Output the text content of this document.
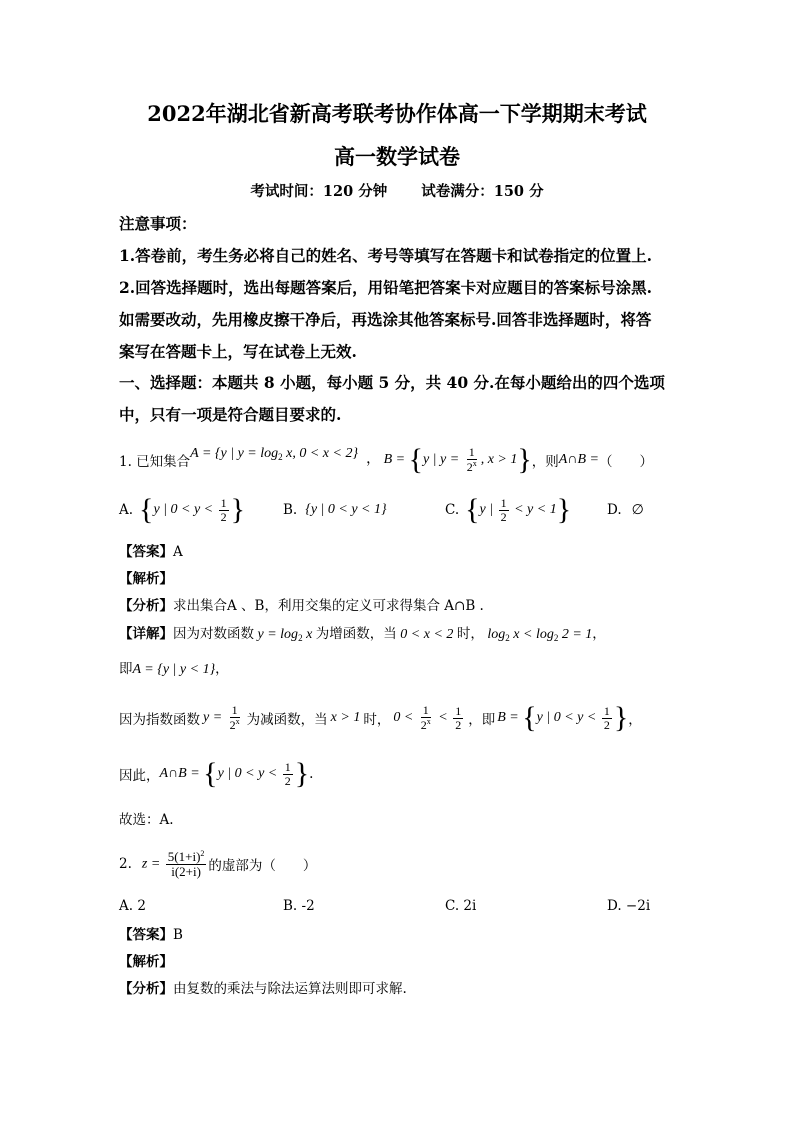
2022年湖北省新高考联考协作体高一下学期期末考试
高一数学试卷
考试时间：120 分钟 试卷满分：150 分
注意事项：
1.答卷前，考生务必将自己的姓名、考号等填写在答题卡和试卷指定的位置上.
2.回答选择题时，选出每题答案后，用铅笔把答案卡对应题目的答案标号涂黑.
如需要改动，先用橡皮擦干净后，再选涂其他答案标号.回答非选择题时，将答
案写在答题卡上，写在试卷上无效.
一、选择题：本题共 8 小题，每小题 5 分，共 40 分.在每小题给出的四个选项
中，只有一项是符合题目要求的.
1. 已知集合
A = {y | $y = \log_2 x$, 0 < x < 2} ， B = {y | $y = \frac{1}{2^x}$ , x > 1} ，则 A∩B = （　　）
A. {y | $0 < y < \frac{1}{2}$ }	B. {y | 0 < y < 1}	C. {y | $\frac{1}{2} < y < 1$}	D. ∅
【答案】A
【解析】
【分析】求出集合A 、B，利用交集的定义可求得集合 A∩B .
【详解】因为对数函数 $y = \log_2 x$ 为增函数，当 0 < x < 2 时， $\log_2 x < \log_2 2 = 1$，
即A = {y | y < 1}，
因为指数函数 $y = \frac{1}{2^x}$ 为减函数，当 x > 1 时， $0 < \frac{1}{2^x} < \frac{1}{2}$ ，即 B = {y | $0 < y < \frac{1}{2}$ } ，
因此， A∩B = {y | $0 < y < \frac{1}{2}$ } .
故选：A.
2. $z = \frac{5(1+i)^2}{i(2+i)}$ 的虚部为（　　）
A. 2	B. -2	C. 2i	D. −2i
【答案】B
【解析】
【分析】由复数的乘法与除法运算法则即可求解.
